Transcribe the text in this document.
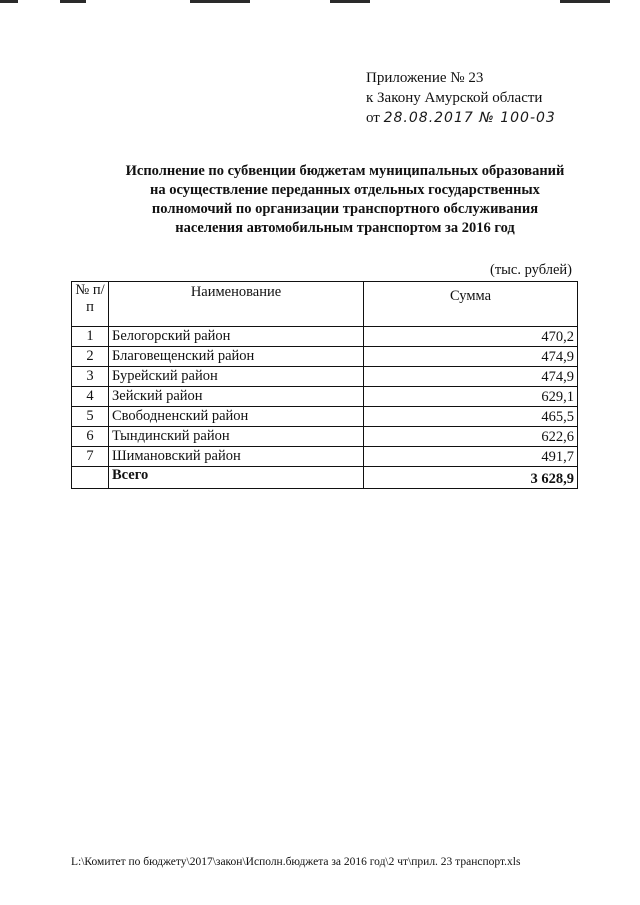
Приложение № 23
к Закону Амурской области
от 28.08.2017 № 100-03
Исполнение по субвенции бюджетам муниципальных образований
на осуществление переданных отдельных государственных
полномочий по организации транспортного обслуживания
населения автомобильным транспортом за 2016 год
(тыс. рублей)
№ п/п	Наименование	Сумма
1	Белогорский район	470,2
2	Благовещенский район	474,9
3	Бурейский район	474,9
4	Зейский район	629,1
5	Свободненский район	465,5
6	Тындинский район	622,6
7	Шимановский район	491,7
	Всего	3 628,9
L:\Комитет по бюджету\2017\закон\Исполн.бюджета за 2016 год\2 чт\прил. 23 транспорт.xls
